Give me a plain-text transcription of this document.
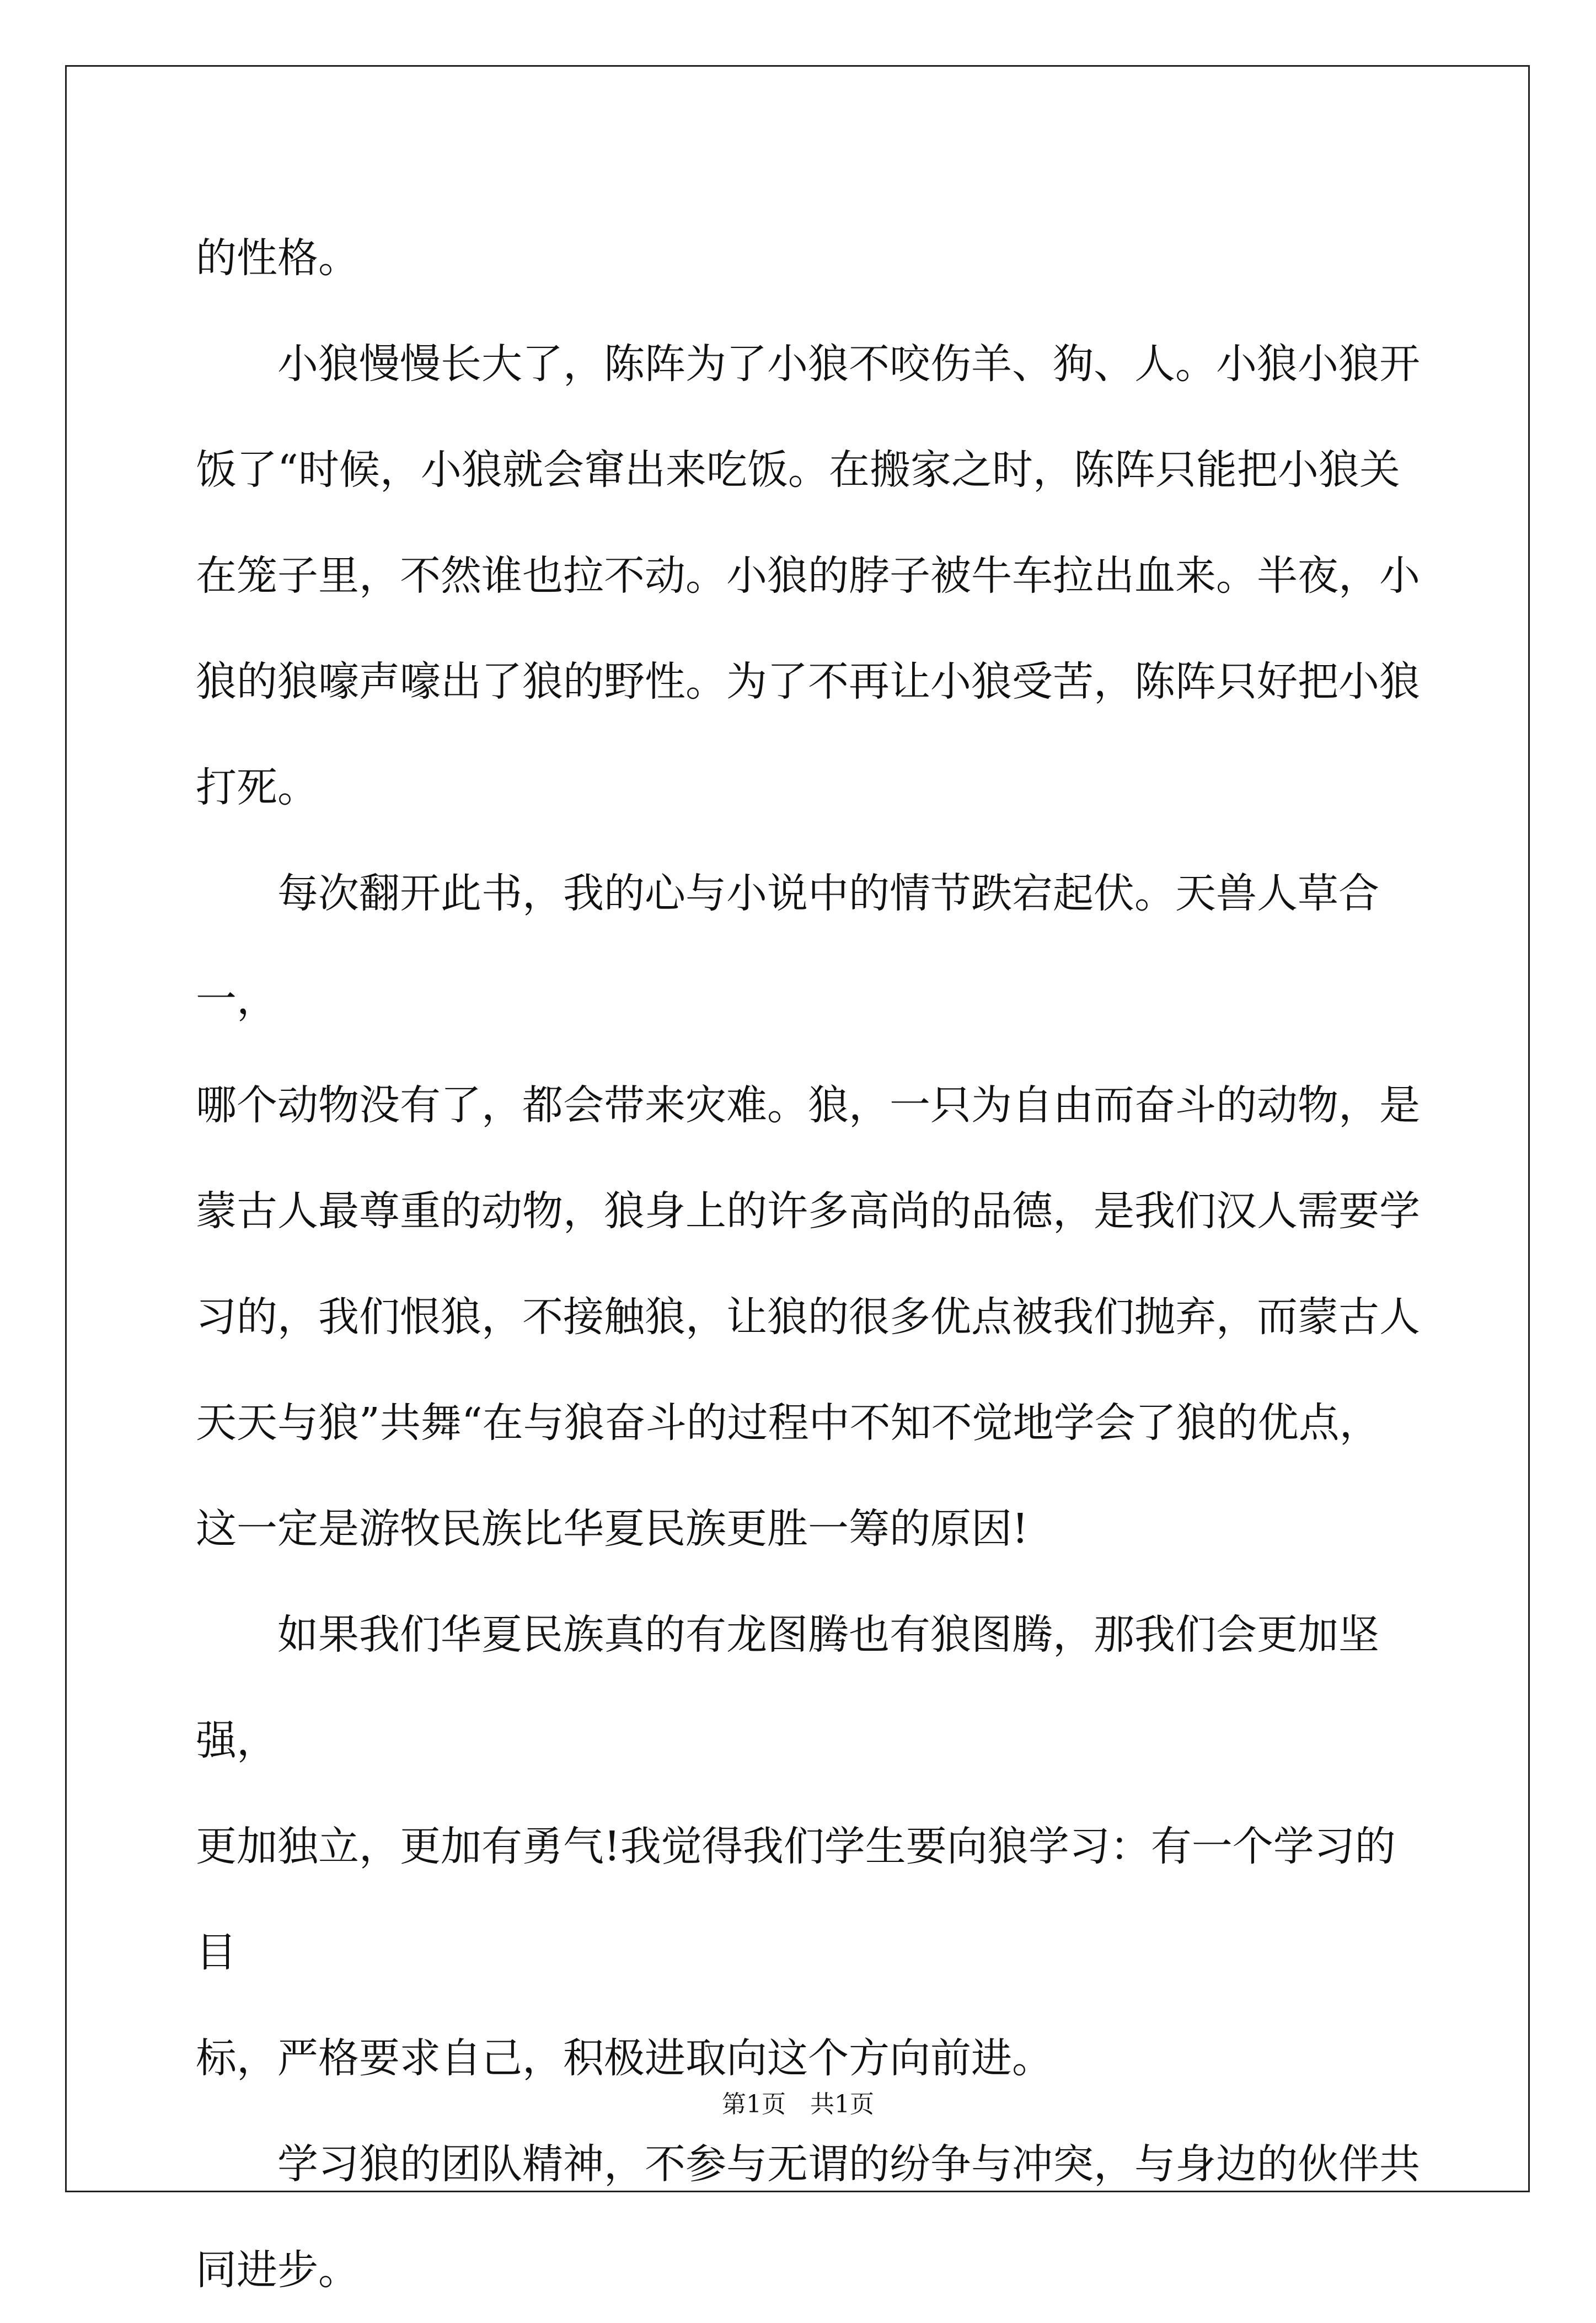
的性格。

小狼慢慢长大了，陈阵为了小狼不咬伤羊、狗、人。小狼小狼开
饭了“时候，小狼就会窜出来吃饭。在搬家之时，陈阵只能把小狼关
在笼子里，不然谁也拉不动。小狼的脖子被牛车拉出血来。半夜，小
狼的狼嚎声嚎出了狼的野性。为了不再让小狼受苦，陈阵只好把小狼
打死。

每次翻开此书，我的心与小说中的情节跌宕起伏。天兽人草合一，
哪个动物没有了，都会带来灾难。狼，一只为自由而奋斗的动物，是
蒙古人最尊重的动物，狼身上的许多高尚的品德，是我们汉人需要学
习的，我们恨狼，不接触狼，让狼的很多优点被我们抛弃，而蒙古人
天天与狼”共舞“在与狼奋斗的过程中不知不觉地学会了狼的优点，
这一定是游牧民族比华夏民族更胜一筹的原因!

如果我们华夏民族真的有龙图腾也有狼图腾，那我们会更加坚强，
更加独立，更加有勇气!我觉得我们学生要向狼学习：有一个学习的目
标，严格要求自己，积极进取向这个方向前进。

学习狼的团队精神，不参与无谓的纷争与冲突，与身边的伙伴共
同进步。

第1页　共1页
